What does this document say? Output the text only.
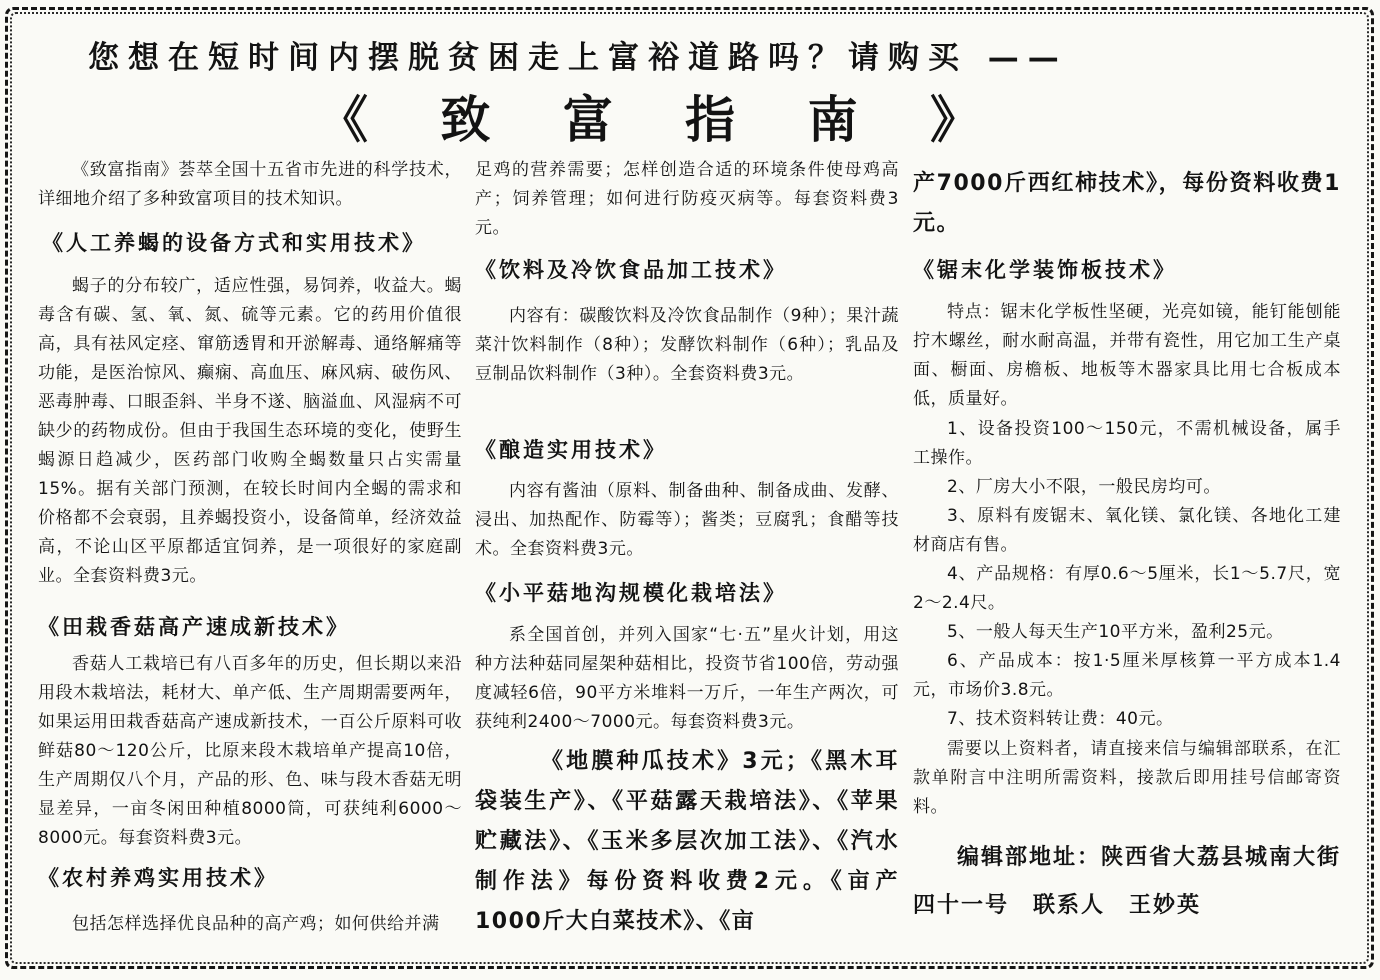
您想在短时间内摆脱贫困走上富裕道路吗？请购买 ——
《 致 富 指 南 》
《致富指南》荟萃全国十五省市先进的科学技术，详细地介绍了多种致富项目的技术知识。
《人工养蝎的设备方式和实用技术》
蝎子的分布较广，适应性强，易饲养，收益大。蝎毒含有碳、氢、氧、氮、硫等元素。它的药用价值很高，具有祛风定痉、窜筋透胃和开淤解毒、通络解痛等功能，是医治惊风、癫痫、高血压、麻风病、破伤风、恶毒肿毒、口眼歪斜、半身不遂、脑溢血、风湿病不可缺少的药物成份。但由于我国生态环境的变化，使野生蝎源日趋减少，医药部门收购全蝎数量只占实需量15%。据有关部门预测，在较长时间内全蝎的需求和价格都不会衰弱，且养蝎投资小，设备简单，经济效益高，不论山区平原都适宜饲养，是一项很好的家庭副业。全套资料费3元。
《田栽香菇高产速成新技术》
香菇人工栽培已有八百多年的历史，但长期以来沿用段木栽培法，耗材大、单产低、生产周期需要两年，如果运用田栽香菇高产速成新技术，一百公斤原料可收鲜菇80～120公斤，比原来段木栽培单产提高10倍，生产周期仅八个月，产品的形、色、味与段木香菇无明显差异，一亩冬闲田种植8000筒，可获纯利6000～8000元。每套资料费3元。
《农村养鸡实用技术》
包括怎样选择优良品种的高产鸡；如何供给并满
足鸡的营养需要；怎样创造合适的环境条件使母鸡高产；饲养管理；如何进行防疫灭病等。每套资料费3元。
《饮料及冷饮食品加工技术》
内容有：碳酸饮料及冷饮食品制作（9种）；果汁蔬菜汁饮料制作（8种）；发酵饮料制作（6种）；乳品及豆制品饮料制作（3种）。全套资料费3元。
《酿造实用技术》
内容有酱油（原料、制备曲种、制备成曲、发酵、浸出、加热配作、防霉等）；酱类；豆腐乳；食醋等技术。全套资料费3元。
《小平菇地沟规模化栽培法》
系全国首创，并列入国家“七·五”星火计划，用这种方法种菇同屋架种菇相比，投资节省100倍，劳动强度减轻6倍，90平方米堆料一万斤，一年生产两次，可获纯利2400～7000元。每套资料费3元。
《地膜种瓜技术》3元；《黑木耳袋装生产》、《平菇露天栽培法》、《苹果贮藏法》、《玉米多层次加工法》、《汽水制作法》每份资料收费2元。《亩产1000斤大白菜技术》、《亩
产7000斤西红柿技术》，每份资料收费1元。
《锯末化学装饰板技术》
特点：锯末化学板性坚硬，光亮如镜，能钉能刨能拧木螺丝，耐水耐高温，并带有瓷性，用它加工生产桌面、橱面、房檐板、地板等木器家具比用七合板成本低，质量好。
1、设备投资100～150元，不需机械设备，属手工操作。
2、厂房大小不限，一般民房均可。
3、原料有废锯末、氧化镁、氯化镁、各地化工建材商店有售。
4、产品规格：有厚0.6～5厘米，长1～5.7尺，宽2～2.4尺。
5、一般人每天生产10平方米，盈利25元。
6、产品成本：按1·5厘米厚核算一平方成本1.4元，市场价3.8元。
7、技术资料转让费：40元。
需要以上资料者，请直接来信与编辑部联系，在汇款单附言中注明所需资料，接款后即用挂号信邮寄资料。
编辑部地址：陕西省大荔县城南大街四十一号 联系人 王妙英
